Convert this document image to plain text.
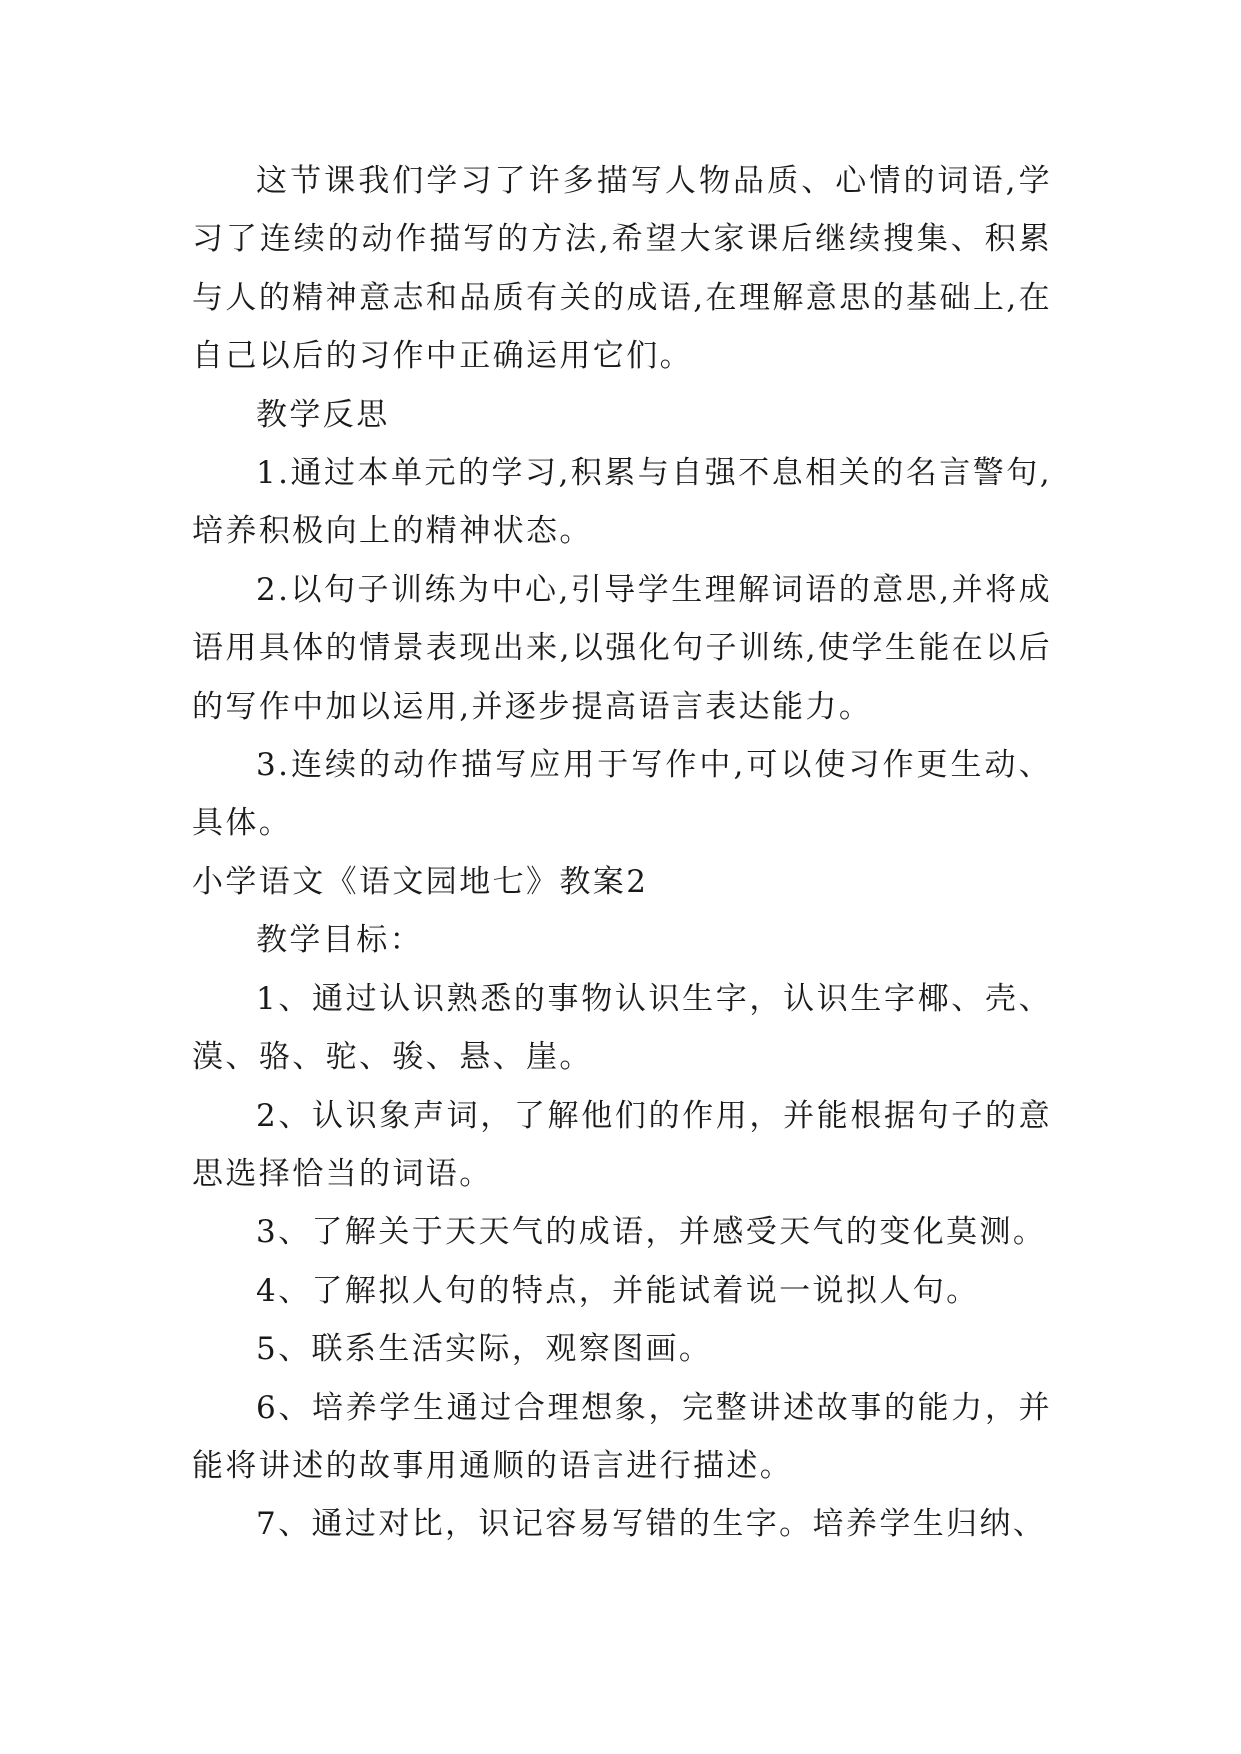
这节课我们学习了许多描写人物品质、心情的词语,学习了连续的动作描写的方法,希望大家课后继续搜集、积累与人的精神意志和品质有关的成语,在理解意思的基础上,在自己以后的习作中正确运用它们。

教学反思

1.通过本单元的学习,积累与自强不息相关的名言警句,培养积极向上的精神状态。

2.以句子训练为中心,引导学生理解词语的意思,并将成语用具体的情景表现出来,以强化句子训练,使学生能在以后的写作中加以运用,并逐步提高语言表达能力。

3.连续的动作描写应用于写作中,可以使习作更生动、具体。

小学语文《语文园地七》教案2

教学目标：

1、通过认识熟悉的事物认识生字，认识生字椰、壳、漠、骆、驼、骏、悬、崖。

2、认识象声词，了解他们的作用，并能根据句子的意思选择恰当的词语。

3、了解关于天天气的成语，并感受天气的变化莫测。

4、了解拟人句的特点，并能试着说一说拟人句。

5、联系生活实际，观察图画。

6、培养学生通过合理想象，完整讲述故事的能力，并能将讲述的故事用通顺的语言进行描述。

7、通过对比，识记容易写错的生字。培养学生归纳、
